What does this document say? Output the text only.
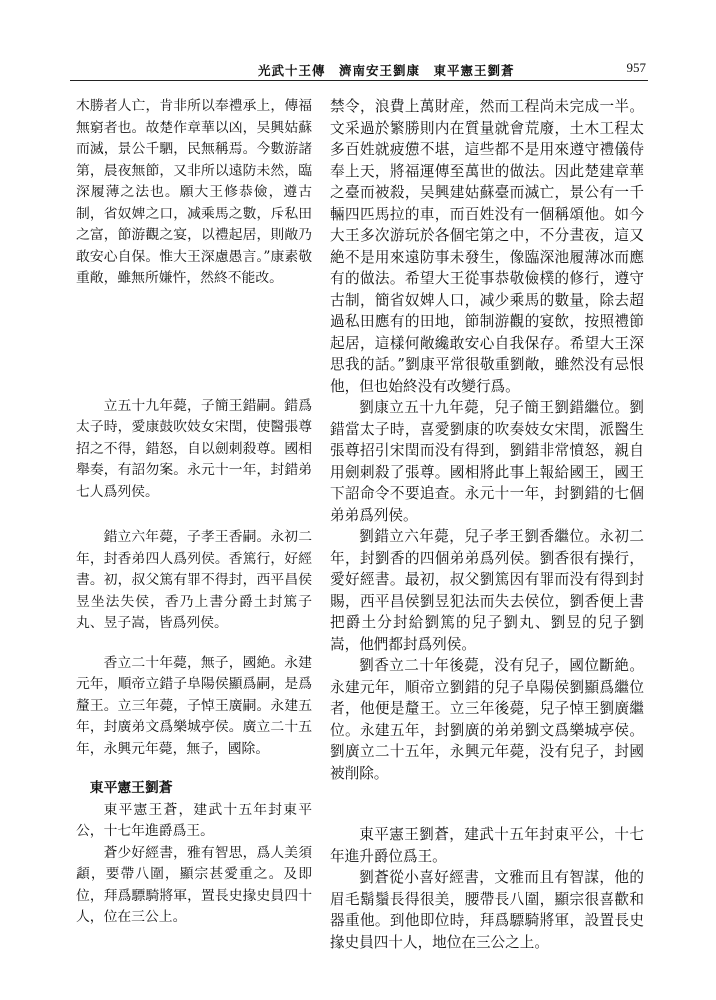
光武十王傳　濟南安王劉康　東平憲王劉蒼	957

木勝者人亡，肯非所以奉禮承上，傳福無窮者也。故楚作章華以凶，吴興姑蘇而滅，景公千駟，民無稱焉。今數游諸第，晨夜無節，又非所以遠防未然，臨深履薄之法也。願大王修恭儉，遵古制，省奴婢之口，减乘馬之數，斥私田之富，節游觀之宴，以禮起居，則敞乃敢安心自保。惟大王深慮愚言。”康素敬重敞，雖無所嫌忤，然終不能改。

立五十九年薨，子簡王錯嗣。錯爲太子時，愛康鼓吹妓女宋閏，使醫張尊招之不得，錯怒，自以劍刺殺尊。國相舉奏，有詔勿案。永元十一年，封錯弟七人爲列侯。

錯立六年薨，子孝王香嗣。永初二年，封香弟四人爲列侯。香篤行，好經書。初，叔父篤有罪不得封，西平昌侯昱坐法失侯，香乃上書分爵土封篤子丸、昱子嵩，皆爲列侯。

香立二十年薨，無子，國絶。永建元年，順帝立錯子阜陽侯顯爲嗣，是爲釐王。立三年薨，子悼王廣嗣。永建五年，封廣弟文爲樂城亭侯。廣立二十五年，永興元年薨，無子，國除。

東平憲王劉蒼

東平憲王蒼，建武十五年封東平公，十七年進爵爲王。

蒼少好經書，雅有智思，爲人美須頿，要帶八圍，顯宗甚愛重之。及即位，拜爲驃騎將軍，置長史掾史員四十人，位在三公上。

禁令，浪費上萬財産，然而工程尚未完成一半。文采過於繁勝則内在質量就會荒廢，土木工程太多百姓就疲憊不堪，這些都不是用來遵守禮儀侍奉上天，將福運傳至萬世的做法。因此楚建章華之臺而被殺，吴興建姑蘇臺而滅亡，景公有一千輛四匹馬拉的車，而百姓没有一個稱頌他。如今大王多次游玩於各個宅第之中，不分晝夜，這又絶不是用來遠防事未發生，像臨深池履薄冰而應有的做法。希望大王從事恭敬儉樸的修行，遵守古制，簡省奴婢人口，减少乘馬的數量，除去超過私田應有的田地，節制游觀的宴飲，按照禮節起居，這樣何敞纔敢安心自我保存。希望大王深思我的話。”劉康平常很敬重劉敞，雖然没有忌恨他，但也始終没有改變行爲。

劉康立五十九年薨，兒子簡王劉錯繼位。劉錯當太子時，喜愛劉康的吹奏妓女宋閏，派醫生張尊招引宋閏而没有得到，劉錯非常憤怒，親自用劍刺殺了張尊。國相將此事上報給國王，國王下詔命令不要追查。永元十一年，封劉錯的七個弟弟爲列侯。

劉錯立六年薨，兒子孝王劉香繼位。永初二年，封劉香的四個弟弟爲列侯。劉香很有操行，愛好經書。最初，叔父劉篤因有罪而没有得到封賜，西平昌侯劉昱犯法而失去侯位，劉香便上書把爵土分封給劉篤的兒子劉丸、劉昱的兒子劉嵩，他們都封爲列侯。

劉香立二十年後薨，没有兒子，國位斷絶。永建元年，順帝立劉錯的兒子阜陽侯劉顯爲繼位者，他便是釐王。立三年後薨，兒子悼王劉廣繼位。永建五年，封劉廣的弟弟劉文爲樂城亭侯。劉廣立二十五年，永興元年薨，没有兒子，封國被削除。

東平憲王劉蒼，建武十五年封東平公，十七年進升爵位爲王。

劉蒼從小喜好經書，文雅而且有智謀，他的眉毛鬍鬚長得很美，腰帶長八圍，顯宗很喜歡和器重他。到他即位時，拜爲驃騎將軍，設置長史掾史員四十人，地位在三公之上。
